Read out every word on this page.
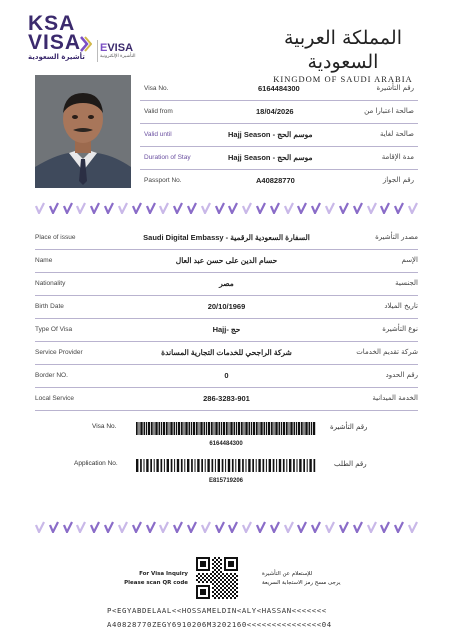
KSA
VISA
تأشيرة السعودية
EVISA
التأشيرة الإلكترونية
المملكة العربية السعودية
KINGDOM OF SAUDI ARABIA
Visa No.	6164484300	رقم التأشيرة
Valid from	18/04/2026	صالحة اعتبارا من
Valid until	Hajj Season - موسم الحج	صالحة لغاية
Duration of Stay	Hajj Season - موسم الحج	مدة الإقامة
Passport No.	A40828770	رقم الجواز
Place of issue	Saudi Digital Embassy - السفارة السعودية الرقمية	مصدر التأشيرة
Name	حسام الدين على حسن عبد العال	الإسم
Nationality	مصر	الجنسية
Birth Date	20/10/1969	تاريخ الميلاد
Type Of Visa	Hajj- حج	نوع التأشيرة
Service Provider	شركة الراجحي للخدمات التجارية المساندة	شركة تقديم الخدمات
Border NO.	0	رقم الحدود
Local Service	286-3283-901	الخدمة الميدانية
Visa No.
6164484300
رقم التأشيرة
Application No.
E815719206
رقم الطلب
For Visa Inquiry
Please scan QR code
للإستعلام عن التأشيرة
يرجى مسح رمز الاستجابة السريعة
P<EGYABDELAAL<<HOSSAMELDIN<ALY<HASSAN<<<<<<<
A40828770ZEGY6910206M3202160<<<<<<<<<<<<<<<04
